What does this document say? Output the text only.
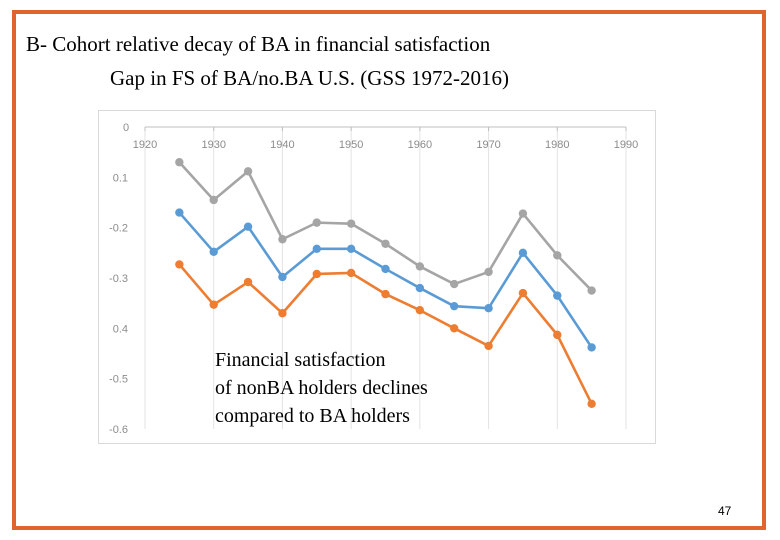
B- Cohort relative decay of BA in financial satisfaction
Gap in FS of BA/no.BA U.S. (GSS 1972-2016)
1920	1930	1940	1950	1960	1970	1980	1990
0
0.1
-0.2
-0.3
0.4
-0.5
-0.6
Financial satisfaction
of nonBA holders declines
compared to BA holders
47
